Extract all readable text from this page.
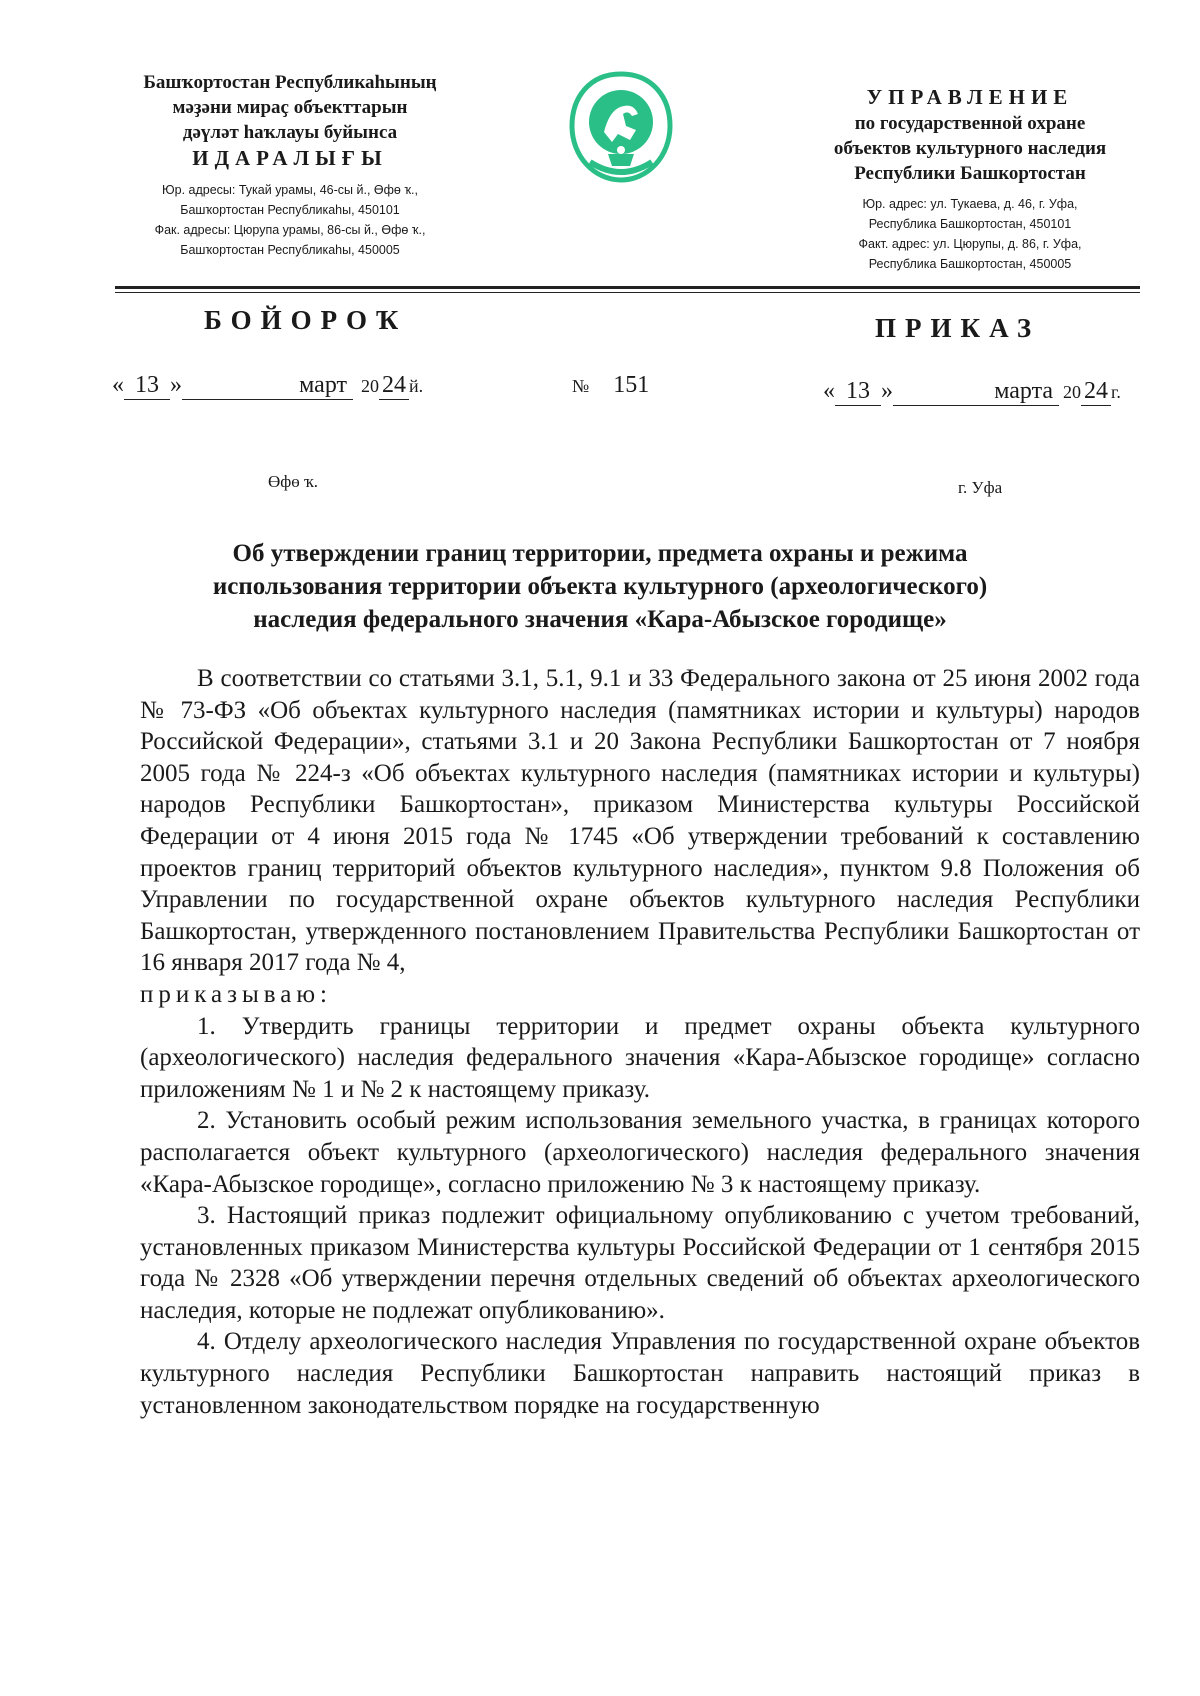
Башҡортостан Республикаһының
мәҙәни мираҫ объекттарын
дәүләт һаҡлауы буйынса
ИДАРАЛЫҒЫ
Юр. адресы: Тукай урамы, 46-сы й., Өфө ҡ.,
Башҡортостан Республикаһы, 450101
Фак. адресы: Цюрупа урамы, 86-сы й., Өфө ҡ.,
Башҡортостан Республикаһы, 450005
УПРАВЛЕНИЕ
по государственной охране
объектов культурного наследия
Республики Башкортостан
Юр. адрес: ул. Тукаева, д. 46, г. Уфа,
Республика Башкортостан, 450101
Факт. адрес: ул. Цюрупы, д. 86, г. Уфа,
Республика Башкортостан, 450005
БОЙОРОҠ	ПРИКАЗ
« 13 »	март 20 24 й.	№ 151	« 13 »	марта 20 24 г.
Өфө ҡ.	г. Уфа
Об утверждении границ территории, предмета охраны и режима
использования территории объекта культурного (археологического)
наследия федерального значения «Кара-Абызское городище»

В соответствии со статьями 3.1, 5.1, 9.1 и 33 Федерального закона от 25 июня 2002 года № 73-ФЗ «Об объектах культурного наследия (памятниках истории и культуры) народов Российской Федерации», статьями 3.1 и 20 Закона Республики Башкортостан от 7 ноября 2005 года № 224-з «Об объектах культурного наследия (памятниках истории и культуры) народов Республики Башкортостан», приказом Министерства культуры Российской Федерации от 4 июня 2015 года № 1745 «Об утверждении требований к составлению проектов границ территорий объектов культурного наследия», пунктом 9.8 Положения об Управлении по государственной охране объектов культурного наследия Республики Башкортостан, утвержденного постановлением Правительства Республики Башкортостан от 16 января 2017 года № 4,

приказываю:

1. Утвердить границы территории и предмет охраны объекта культурного (археологического) наследия федерального значения «Кара-Абызское городище» согласно приложениям № 1 и № 2 к настоящему приказу.

2. Установить особый режим использования земельного участка, в границах которого располагается объект культурного (археологического) наследия федерального значения «Кара-Абызское городище», согласно приложению № 3 к настоящему приказу.

3. Настоящий приказ подлежит официальному опубликованию с учетом требований, установленных приказом Министерства культуры Российской Федерации от 1 сентября 2015 года № 2328 «Об утверждении перечня отдельных сведений об объектах археологического наследия, которые не подлежат опубликованию».

4. Отделу археологического наследия Управления по государственной охране объектов культурного наследия Республики Башкортостан направить настоящий приказ в установленном законодательством порядке на государственную
